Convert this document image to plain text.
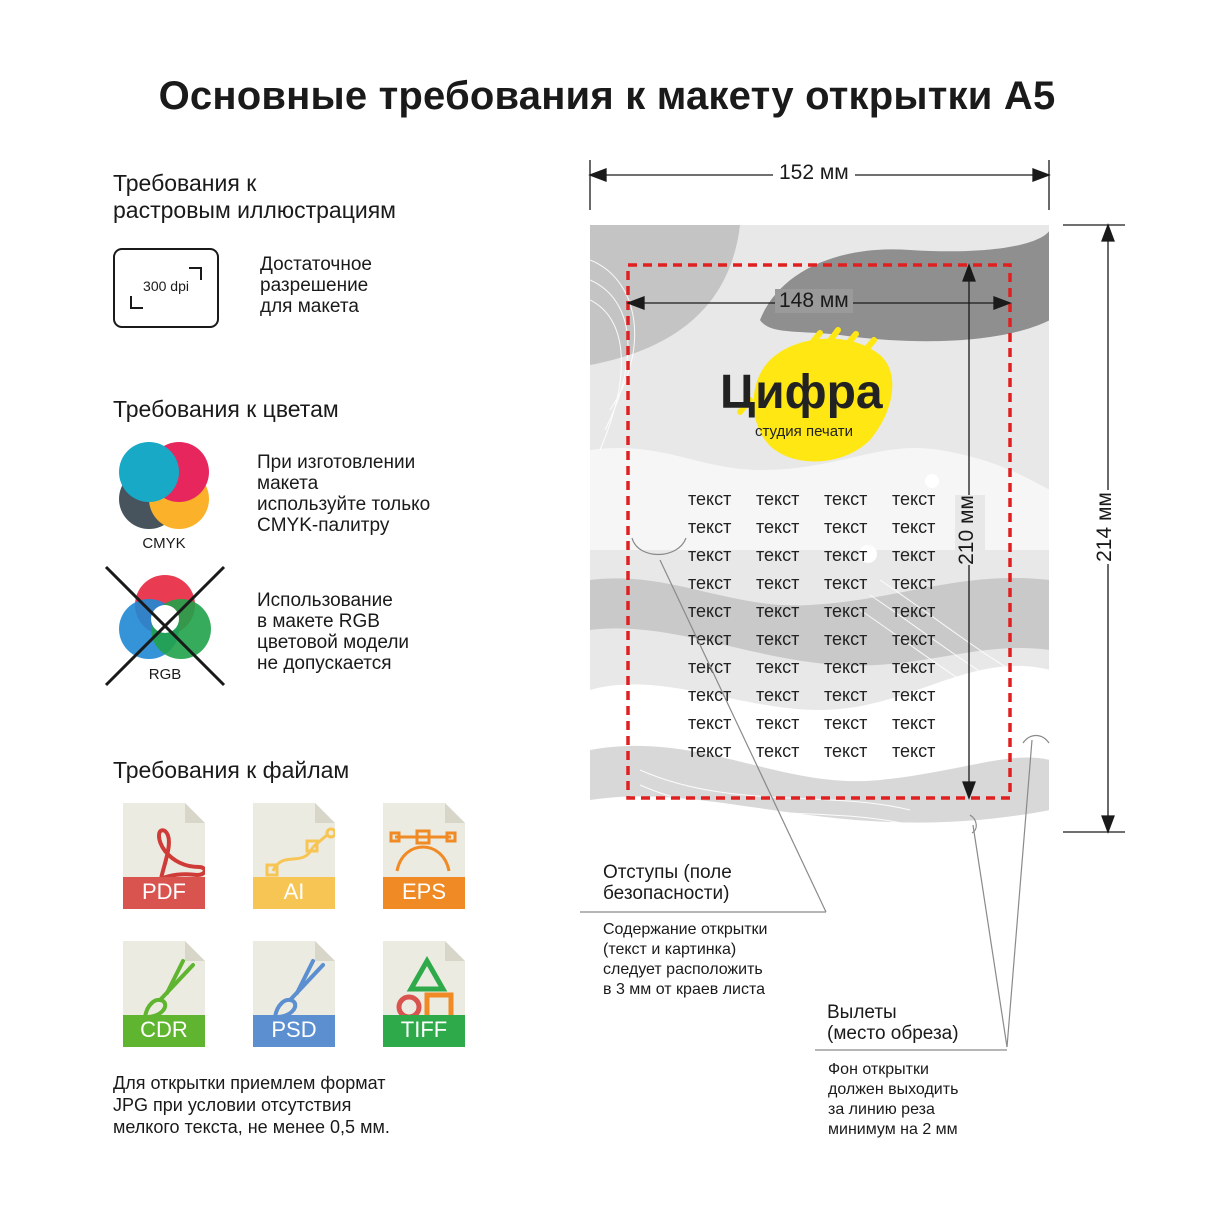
Основные требования к макету открытки А5
Требования к
растровым иллюстрациям
300 dpi
Достаточное
разрешение
для макета
Требования к цветам
CMYK
При изготовлении
макета
используйте только
CMYK-палитру
RGB
Использование
в макете RGB
цветовой модели
не допускается
Требования к файлам
PDF	AI	EPS
CDR	PSD	TIFF
Для открытки приемлем формат
JPG при условии отсутствия
мелкого текста, не менее 0,5 мм.
Цифра
студия печати
текст текст текст текст
текст текст текст текст
текст текст текст текст
текст текст текст текст
текст текст текст текст
текст текст текст текст
текст текст текст текст
текст текст текст текст
текст текст текст текст
текст текст текст текст
152 мм
148 мм
210 мм	214 мм
Отступы (поле
безопасности)
Содержание открытки
(текст и картинка)
следует расположить
в 3 мм от краев листа
Вылеты
(место обреза)
Фон открытки
должен выходить
за линию реза
минимум на 2 мм
